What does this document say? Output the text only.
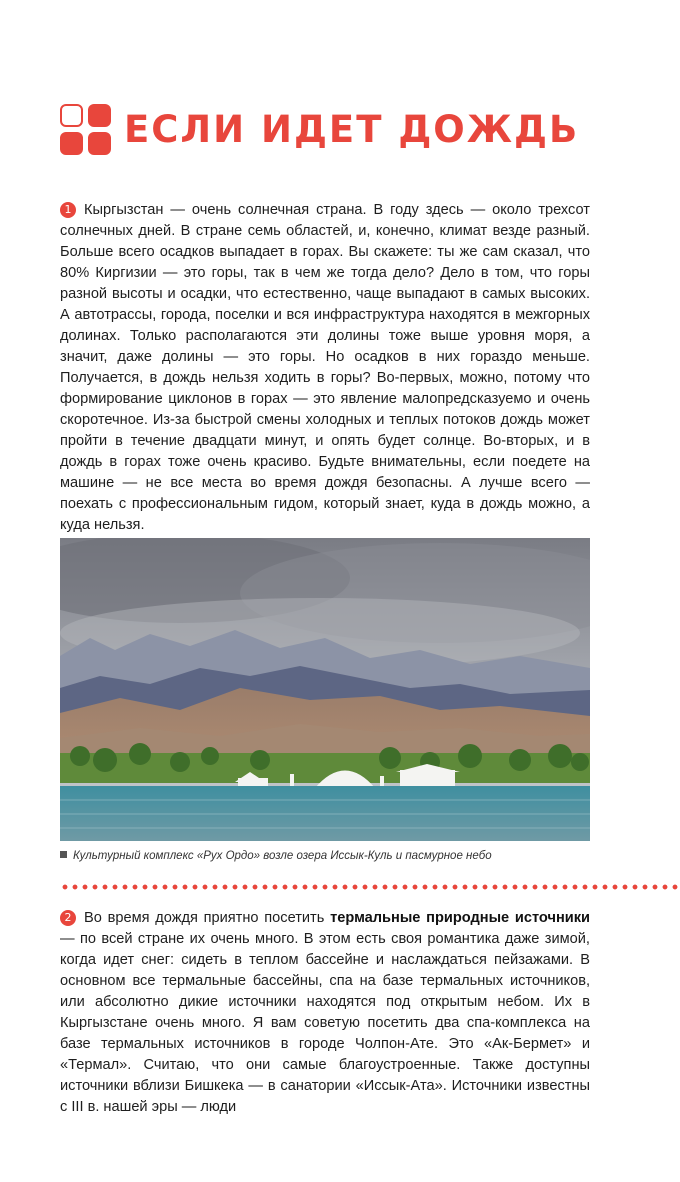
ЕСЛИ ИДЕТ ДОЖДЬ

1 Кыргызстан — очень солнечная страна. В году здесь — около трехсот солнечных дней. В стране семь областей, и, конечно, климат везде разный. Больше всего осадков выпадает в горах. Вы скажете: ты же сам сказал, что 80% Киргизии — это горы, так в чем же тогда дело? Дело в том, что горы разной высоты и осадки, что естественно, чаще выпадают в самых высоких. А автотрассы, города, поселки и вся инфраструктура находятся в межгорных долинах. Только располагаются эти долины тоже выше уровня моря, а значит, даже долины — это горы. Но осадков в них гораздо меньше. Получается, в дождь нельзя ходить в горы? Во-первых, можно, потому что формирование циклонов в горах — это явление малопредсказуемо и очень скоротечное. Из-за быстрой смены холодных и теплых потоков дождь может пройти в течение двадцати минут, и опять будет солнце. Во-вторых, и в дождь в горах тоже очень красиво. Будьте внимательны, если поедете на машине — не все места во время дождя безопасны. А лучше всего — поехать с профессиональным гидом, который знает, куда в дождь можно, а куда нельзя.

Культурный комплекс «Рух Ордо» возле озера Иссык-Куль и пасмурное небо

2 Во время дождя приятно посетить термальные природные источники — по всей стране их очень много. В этом есть своя романтика даже зимой, когда идет снег: сидеть в теплом бассейне и наслаждаться пейзажами. В основном все термальные бассейны, спа на базе термальных источников, или абсолютно дикие источники находятся под открытым небом. Их в Кыргызстане очень много. Я вам советую посетить два спа-комплекса на базе термальных источников в городе Чолпон-Ате. Это «Ак-Бермет» и «Термал». Считаю, что они самые благоустроенные. Также доступны источники вблизи Бишкека — в санатории «Иссык-Ата». Источники известны с III в. нашей эры — люди
